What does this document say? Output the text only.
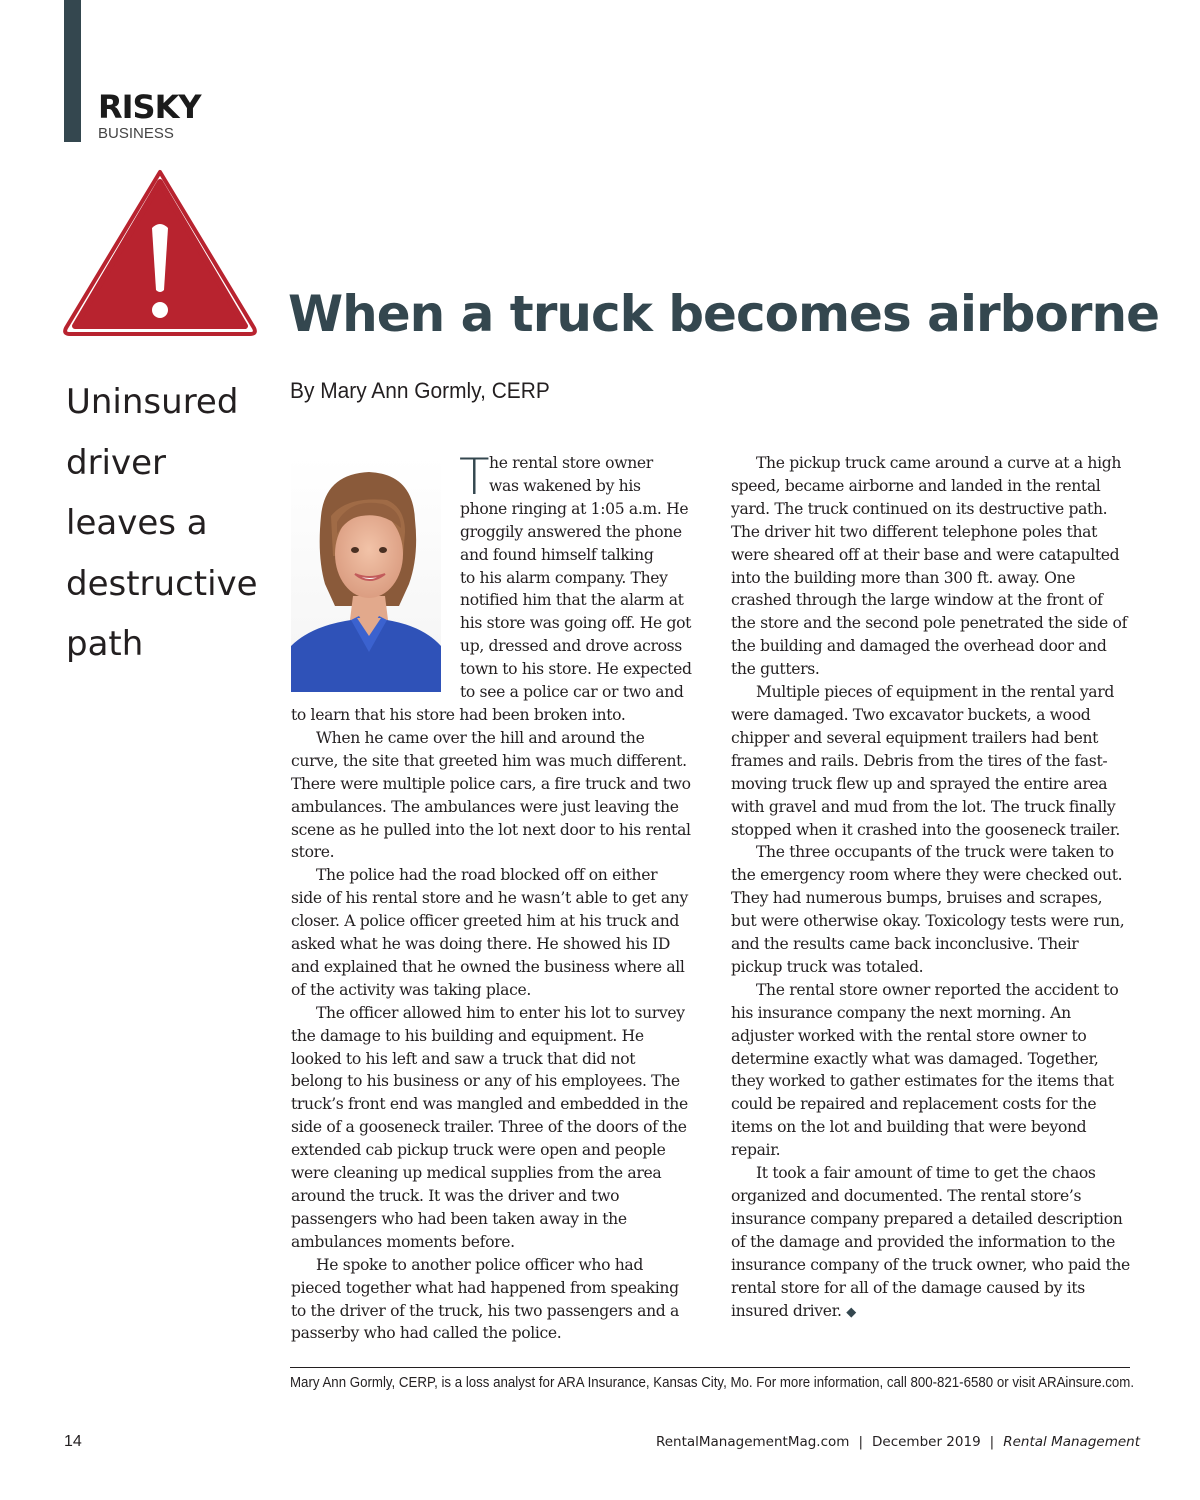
RISKY
BUSINESS
When a truck becomes airborne
Uninsured driver leaves a destructive path
By Mary Ann Gormly, CERP
T he rental store owner
was wakened by his
phone ringing at 1:05 a.m. He
groggily answered the phone
and found himself talking
to his alarm company. They
notified him that the alarm at
his store was going off. He got
up, dressed and drove across
town to his store. He expected
to see a police car or two and

to learn that his store had been broken into.

When he came over the hill and around the curve, the site that greeted him was much different. There were multiple police cars, a fire truck and two ambulances. The ambulances were just leaving the scene as he pulled into the lot next door to his rental store.

The police had the road blocked off on either side of his rental store and he wasn’t able to get any closer. A police officer greeted him at his truck and asked what he was doing there. He showed his ID and explained that he owned the business where all of the activity was taking place.

The officer allowed him to enter his lot to survey the damage to his building and equipment. He looked to his left and saw a truck that did not belong to his business or any of his employees. The truck’s front end was mangled and embedded in the side of a gooseneck trailer. Three of the doors of the extended cab pickup truck were open and people were cleaning up medical supplies from the area around the truck. It was the driver and two passengers who had been taken away in the ambulances moments before.

He spoke to another police officer who had pieced together what had happened from speaking to the driver of the truck, his two passengers and a passerby who had called the police.

The pickup truck came around a curve at a high speed, became airborne and landed in the rental yard. The truck continued on its destructive path. The driver hit two different telephone poles that were sheared off at their base and were catapulted into the building more than 300 ft. away. One crashed through the large window at the front of the store and the second pole penetrated the side of the building and damaged the overhead door and the gutters.

Multiple pieces of equipment in the rental yard were damaged. Two excavator buckets, a wood chipper and several equipment trailers had bent frames and rails. Debris from the tires of the fast-moving truck flew up and sprayed the entire area with gravel and mud from the lot. The truck finally stopped when it crashed into the gooseneck trailer.

The three occupants of the truck were taken to the emergency room where they were checked out. They had numerous bumps, bruises and scrapes, but were otherwise okay. Toxicology tests were run, and the results came back inconclusive. Their pickup truck was totaled.

The rental store owner reported the accident to his insurance company the next morning. An adjuster worked with the rental store owner to determine exactly what was damaged. Together, they worked to gather estimates for the items that could be repaired and replacement costs for the items on the lot and building that were beyond repair.

It took a fair amount of time to get the chaos organized and documented. The rental store’s insurance company prepared a detailed description of the damage and provided the information to the insurance company of the truck owner, who paid the rental store for all of the damage caused by its insured driver. ◆

Mary Ann Gormly, CERP, is a loss analyst for ARA Insurance, Kansas City, Mo. For more information, call 800-821-6580 or visit ARAinsure.com.
14	RentalManagementMag.com | December 2019 | Rental Management
